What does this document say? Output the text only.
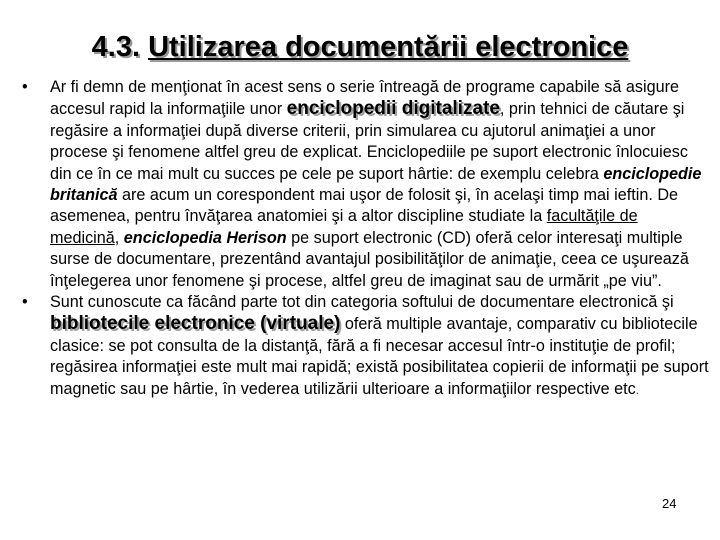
4.3. Utilizarea documentării electronice

• Ar fi demn de menţionat în acest sens o serie întreagă de programe capabile să asigure accesul rapid la informaţiile unor enciclopedii digitalizate, prin tehnici de căutare şi regăsire a informaţiei după diverse criterii, prin simularea cu ajutorul animaţiei a unor procese şi fenomene altfel greu de explicat. Enciclopediile pe suport electronic înlocuiesc din ce în ce mai mult cu succes pe cele pe suport hârtie: de exemplu celebra enciclopedie britanică are acum un corespondent mai uşor de folosit şi, în acelaşi timp mai ieftin. De asemenea, pentru învăţarea anatomiei şi a altor discipline studiate la facultăţile de medicină, enciclopedia Herison pe suport electronic (CD) oferă celor interesaţi multiple surse de documentare, prezentând avantajul posibilităţilor de animaţie, ceea ce uşurează înţelegerea unor fenomene şi procese, altfel greu de imaginat sau de urmărit „pe viu”.

• Sunt cunoscute ca făcând parte tot din categoria softului de documentare electronică şi bibliotecile electronice (virtuale) oferă multiple avantaje, comparativ cu bibliotecile clasice: se pot consulta de la distanţă, fără a fi necesar accesul într-o instituţie de profil; regăsirea informaţiei este mult mai rapidă; există posibilitatea copierii de informaţii pe suport magnetic sau pe hârtie, în vederea utilizării ulterioare a informaţiilor respective etc.

24
